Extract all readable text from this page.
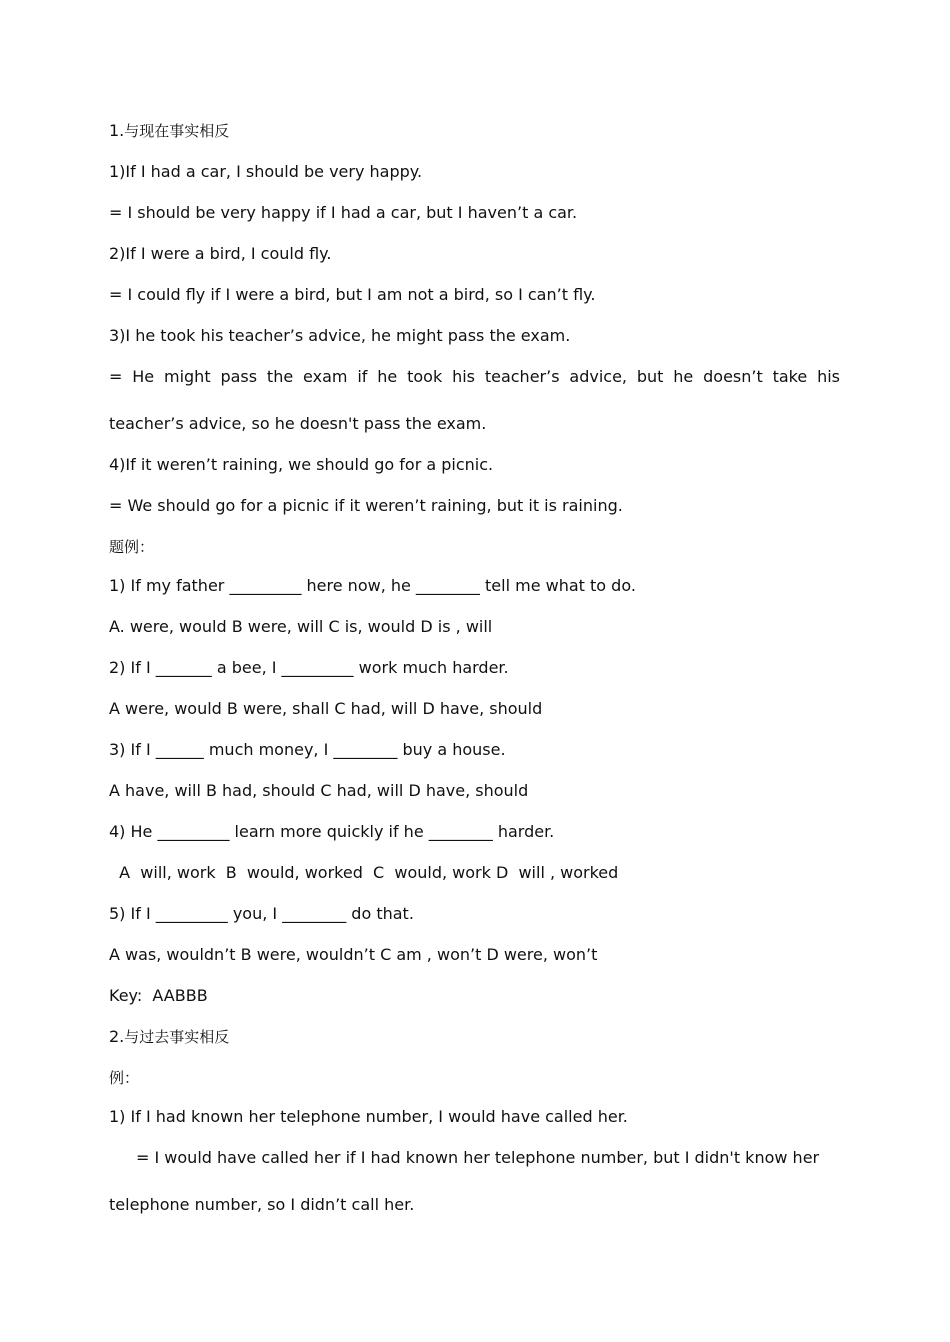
1.与现在事实相反
1)If I had a car, I should be very happy.
= I should be very happy if I had a car, but I haven’t a car.
2)If I were a bird, I could fly.
= I could fly if I were a bird, but I am not a bird, so I can’t fly.
3)I he took his teacher’s advice, he might pass the exam.
= He might pass the exam if he took his teacher’s advice, but he doesn’t take his
teacher’s advice, so he doesn't pass the exam.
4)If it weren’t raining, we should go for a picnic.
= We should go for a picnic if it weren’t raining, but it is raining.
题例：
1) If my father _________ here now, he ________ tell me what to do.
A. were, would B were, will C is, would D is , will
2) If I _______ a bee, I _________ work much harder.
A were, would B were, shall C had, will D have, should
3) If I ______ much money, I ________ buy a house.
A have, will B had, should C had, will D have, should
4) He _________ learn more quickly if he ________ harder.
A  will, work  B  would, worked  C  would, work D  will , worked
5) If I _________ you, I ________ do that.
A was, wouldn’t B were, wouldn’t C am , won’t D were, won’t
Key:  AABBB
2.与过去事实相反
例：
1) If I had known her telephone number, I would have called her.
= I would have called her if I had known her telephone number, but I didn't know her
telephone number, so I didn’t call her.
